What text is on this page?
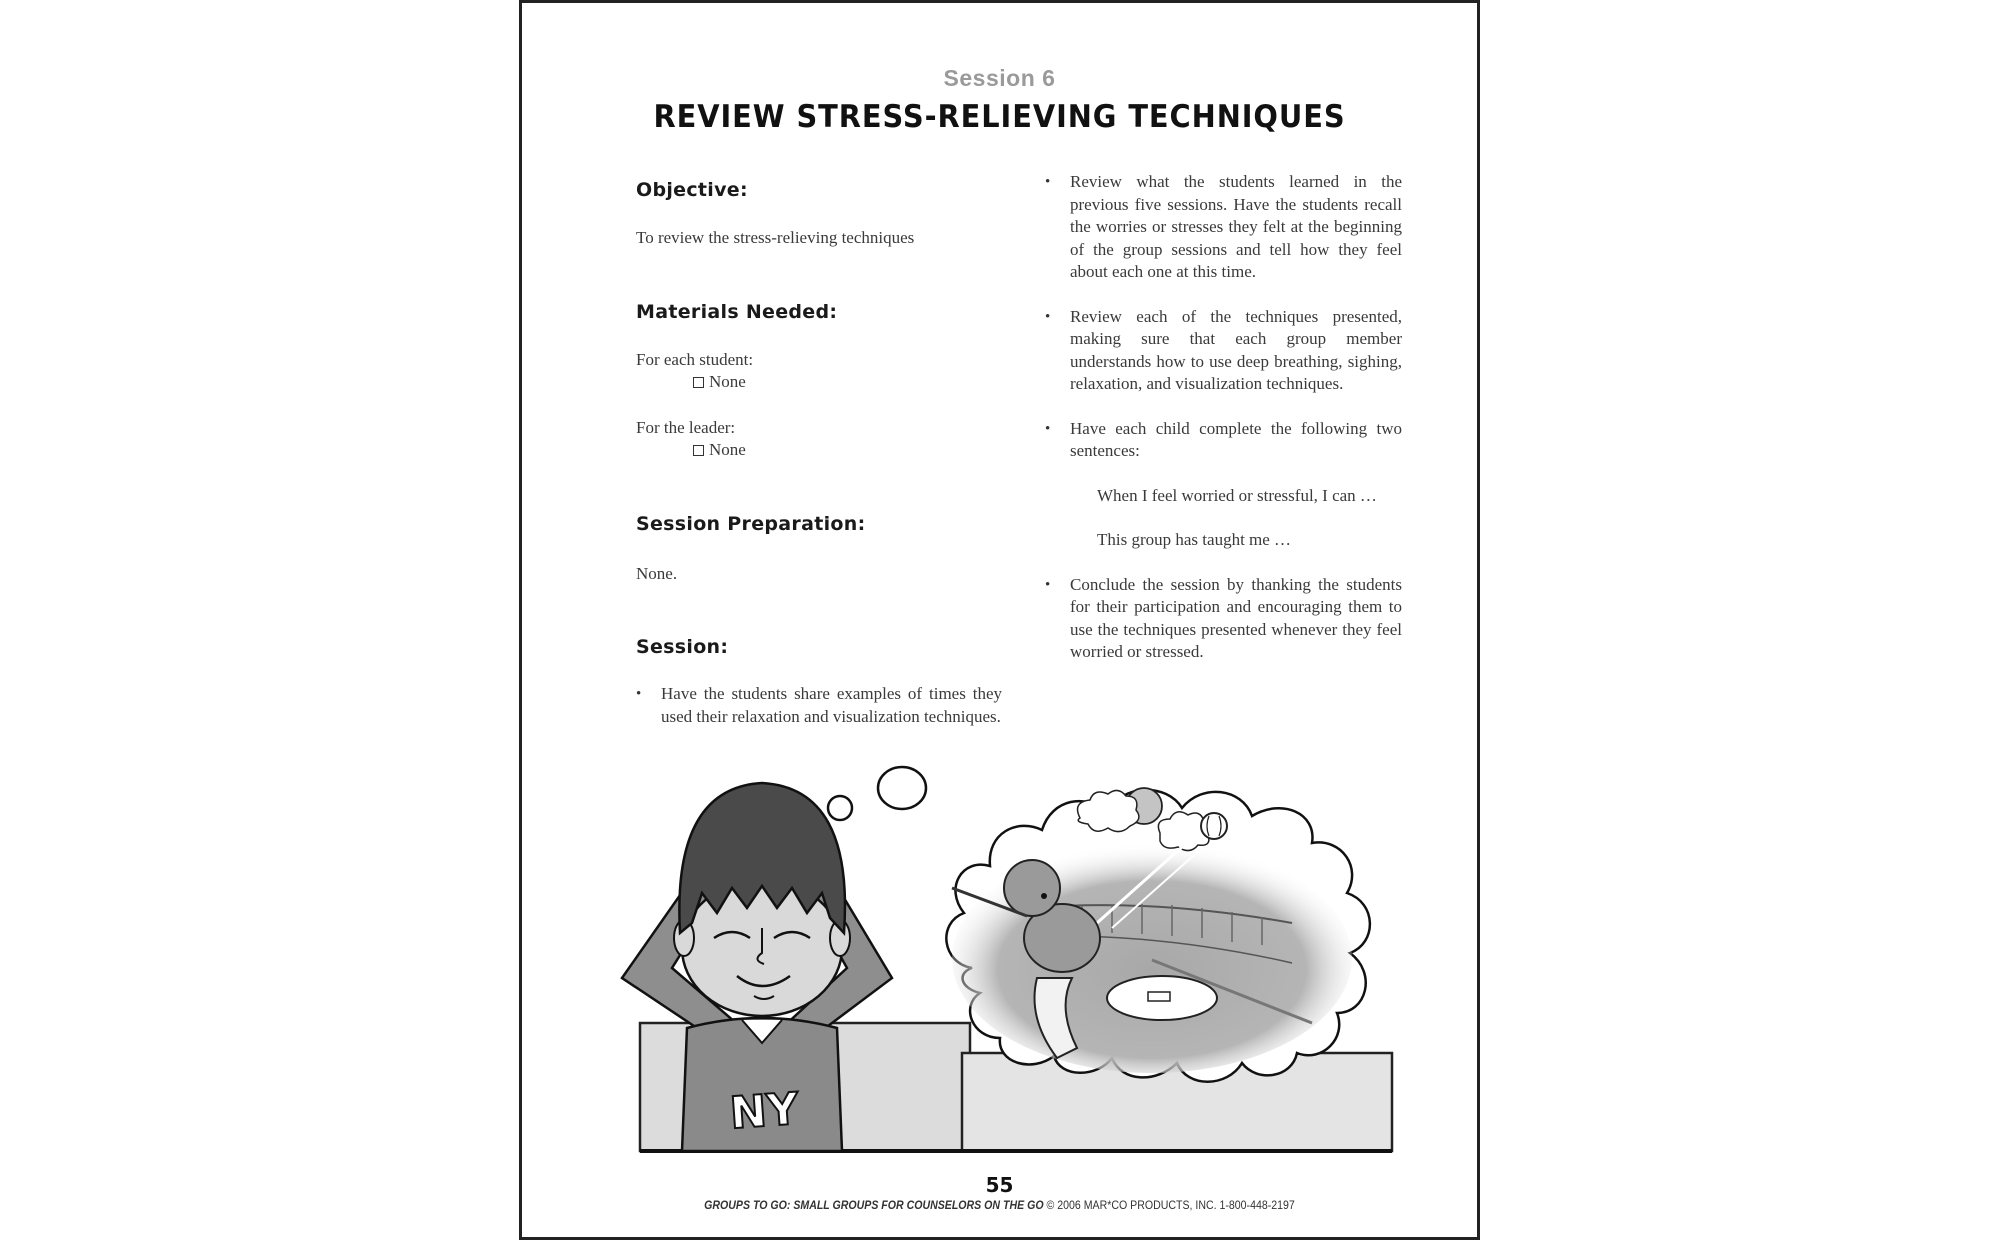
Session 6
REVIEW STRESS-RELIEVING TECHNIQUES
Objective:
To review the stress-relieving techniques
Materials Needed:
For each student:
None
For the leader:
None
Session Preparation:
None.
Session:
• Have the students share examples of times they used their relaxation and visualization techniques.
• Review what the students learned in the previous five sessions. Have the students recall the worries or stresses they felt at the beginning of the group sessions and tell how they feel about each one at this time.
• Review each of the techniques presented, making sure that each group member understands how to use deep breathing, sighing, relaxation, and visualization techniques.
• Have each child complete the following two sentences:
When I feel worried or stressful, I can …
This group has taught me …
• Conclude the session by thanking the students for their participation and encouraging them to use the techniques presented whenever they feel worried or stressed.
NY
55
GROUPS TO GO: SMALL GROUPS FOR COUNSELORS ON THE GO © 2006 MAR*CO PRODUCTS, INC. 1-800-448-2197
